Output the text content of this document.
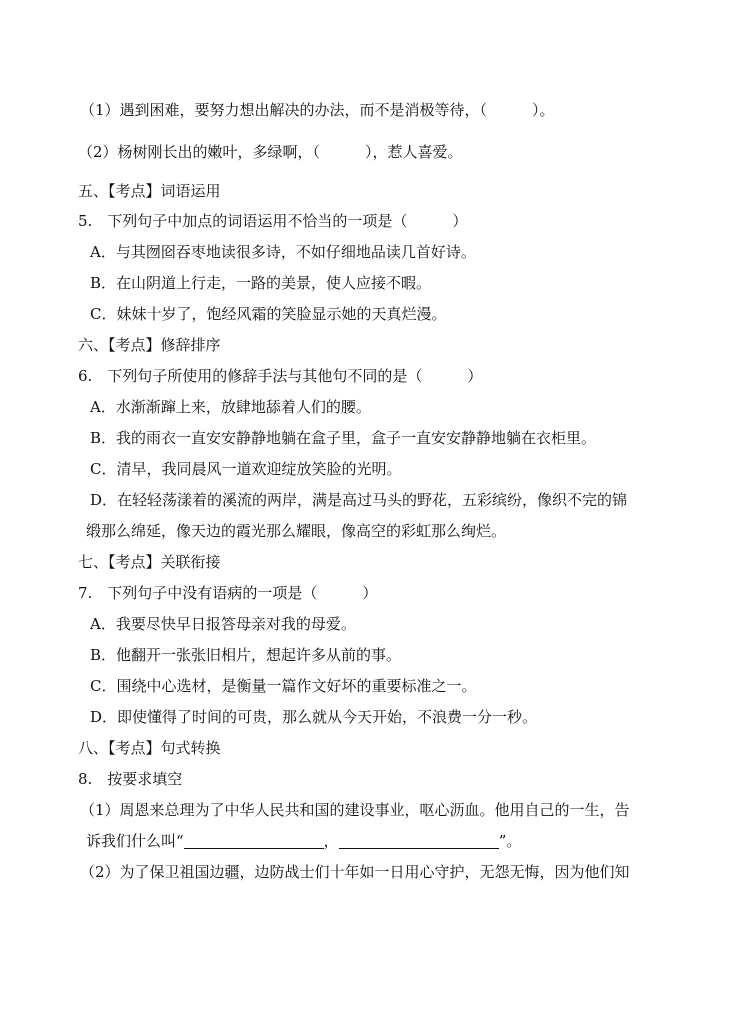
（1）遇到困难，要努力想出解决的办法，而不是消极等待，（　　　）。
（2）杨树刚长出的嫩叶，多绿啊，（　　　），惹人喜爱。
五、【考点】词语运用
5.　下列句子中加点的词语运用不恰当的一项是（　　　）
A．与其囫囵吞枣地读很多诗，不如仔细地品读几首好诗。
B．在山阴道上行走，一路的美景，使人应接不暇。
C．妹妹十岁了，饱经风霜的笑脸显示她的天真烂漫。
六、【考点】修辞排序
6.　下列句子所使用的修辞手法与其他句不同的是（　　　）
A．水渐渐蹿上来，放肆地舔着人们的腰。
B．我的雨衣一直安安静静地躺在盒子里，盒子一直安安静静地躺在衣柜里。
C．清早，我同晨风一道欢迎绽放笑脸的光明。
D．在轻轻荡漾着的溪流的两岸，满是高过马头的野花，五彩缤纷，像织不完的锦
缎那么绵延，像天边的霞光那么耀眼，像高空的彩虹那么绚烂。
七、【考点】关联衔接
7.　下列句子中没有语病的一项是（　　　）
A．我要尽快早日报答母亲对我的母爱。
B．他翻开一张张旧相片，想起许多从前的事。
C．围绕中心选材，是衡量一篇作文好坏的重要标准之一。
D．即使懂得了时间的可贵，那么就从今天开始，不浪费一分一秒。
八、【考点】句式转换
8.　按要求填空
（1）周恩来总理为了中华人民共和国的建设事业，呕心沥血。他用自己的一生，告
诉我们什么叫“	，	”。
（2）为了保卫祖国边疆，边防战士们十年如一日用心守护，无怨无悔，因为他们知
